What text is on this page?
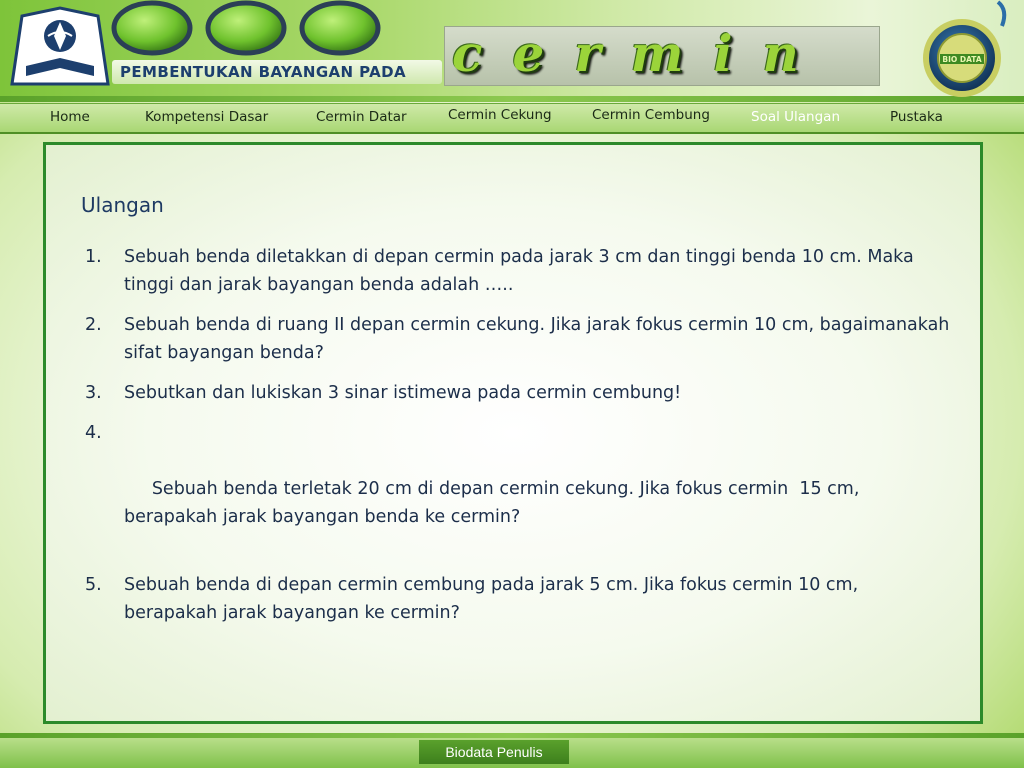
PEMBENTUKAN BAYANGAN PADA cermin	BIO DATA
Home	Kompetensi Dasar	Cermin Datar	Cermin Cekung	Cermin Cembung	Soal Ulangan	Pustaka
Ulangan
1. Sebuah benda diletakkan di depan cermin pada jarak 3 cm dan tinggi benda 10 cm. Maka tinggi dan jarak bayangan benda adalah …..
2. Sebuah benda di ruang II depan cermin cekung. Jika jarak fokus cermin 10 cm, bagaimanakah sifat bayangan benda?
3. Sebutkan dan lukiskan 3 sinar istimewa pada cermin cembung!

4.

Sebuah benda terletak 20 cm di depan cermin cekung. Jika fokus cermin  15 cm, berapakah jarak bayangan benda ke cermin?

5. Sebuah benda di depan cermin cembung pada jarak 5 cm. Jika fokus cermin 10 cm, berapakah jarak bayangan ke cermin?
Biodata Penulis
